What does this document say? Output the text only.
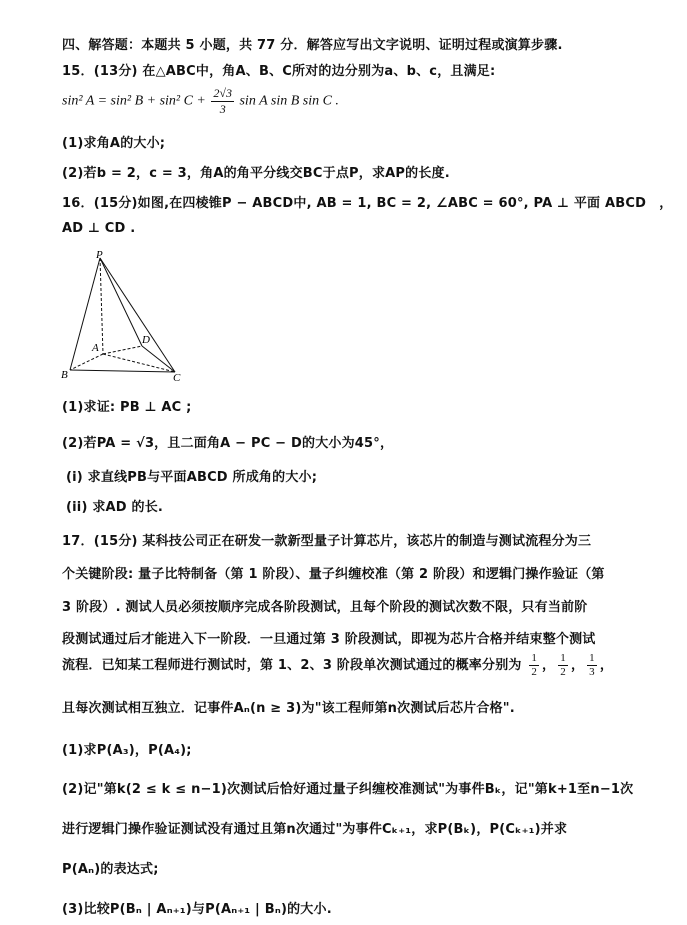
四、解答题：本题共 5 小题，共 77 分．解答应写出文字说明、证明过程或演算步骤.
15．(13分) 在△ABC中，角A、B、C所对的边分别为a、b、c，且满足:
sin² A = sin² B + sin² $C + \frac{2√3}{3}$ sin A sin B sin C .
(1)求角A的大小;
(2)若b = 2，c = 3，角A的角平分线交BC于点P，求AP的长度.
16．(15分)如图,在四棱锥P − ABCD中, AB = 1, BC = 2, ∠ABC = 60°, PA ⊥ 平面 ABCD　，
AD ⊥ CD .
P
A
B	C
D
(1)求证: PB ⊥ AC ;
(2)若PA = √3，且二面角A − PC − D的大小为45°，
(i) 求直线PB与平面ABCD 所成角的大小;
(ii) 求AD 的长.
17．(15分) 某科技公司正在研发一款新型量子计算芯片，该芯片的制造与测试流程分为三
个关键阶段: 量子比特制备（第 1 阶段）、量子纠缠校准（第 2 阶段）和逻辑门操作验证（第
3 阶段）. 测试人员必须按顺序完成各阶段测试，且每个阶段的测试次数不限，只有当前阶
段测试通过后才能进入下一阶段．一旦通过第 3 阶段测试，即视为芯片合格并结束整个测试
流程．已知某工程师进行测试时，第 1、2、3 阶段单次测试通过的概率分别为 $\frac{1}{2}$ ， $\frac{1}{2}$ ， $\frac{1}{3}$ ，
且每次测试相互独立．记事件Aₙ(n ≥ 3)为"该工程师第n次测试后芯片合格".
(1)求P(A₃)，P(A₄);
(2)记"第k(2 ≤ k ≤ n−1)次测试后恰好通过量子纠缠校准测试"为事件Bₖ，记"第k+1至n−1次
进行逻辑门操作验证测试没有通过且第n次通过"为事件Cₖ₊₁，求P(Bₖ)，P(Cₖ₊₁)并求
P(Aₙ)的表达式;
(3)比较P(Bₙ | Aₙ₊₁)与P(Aₙ₊₁ | Bₙ)的大小.
